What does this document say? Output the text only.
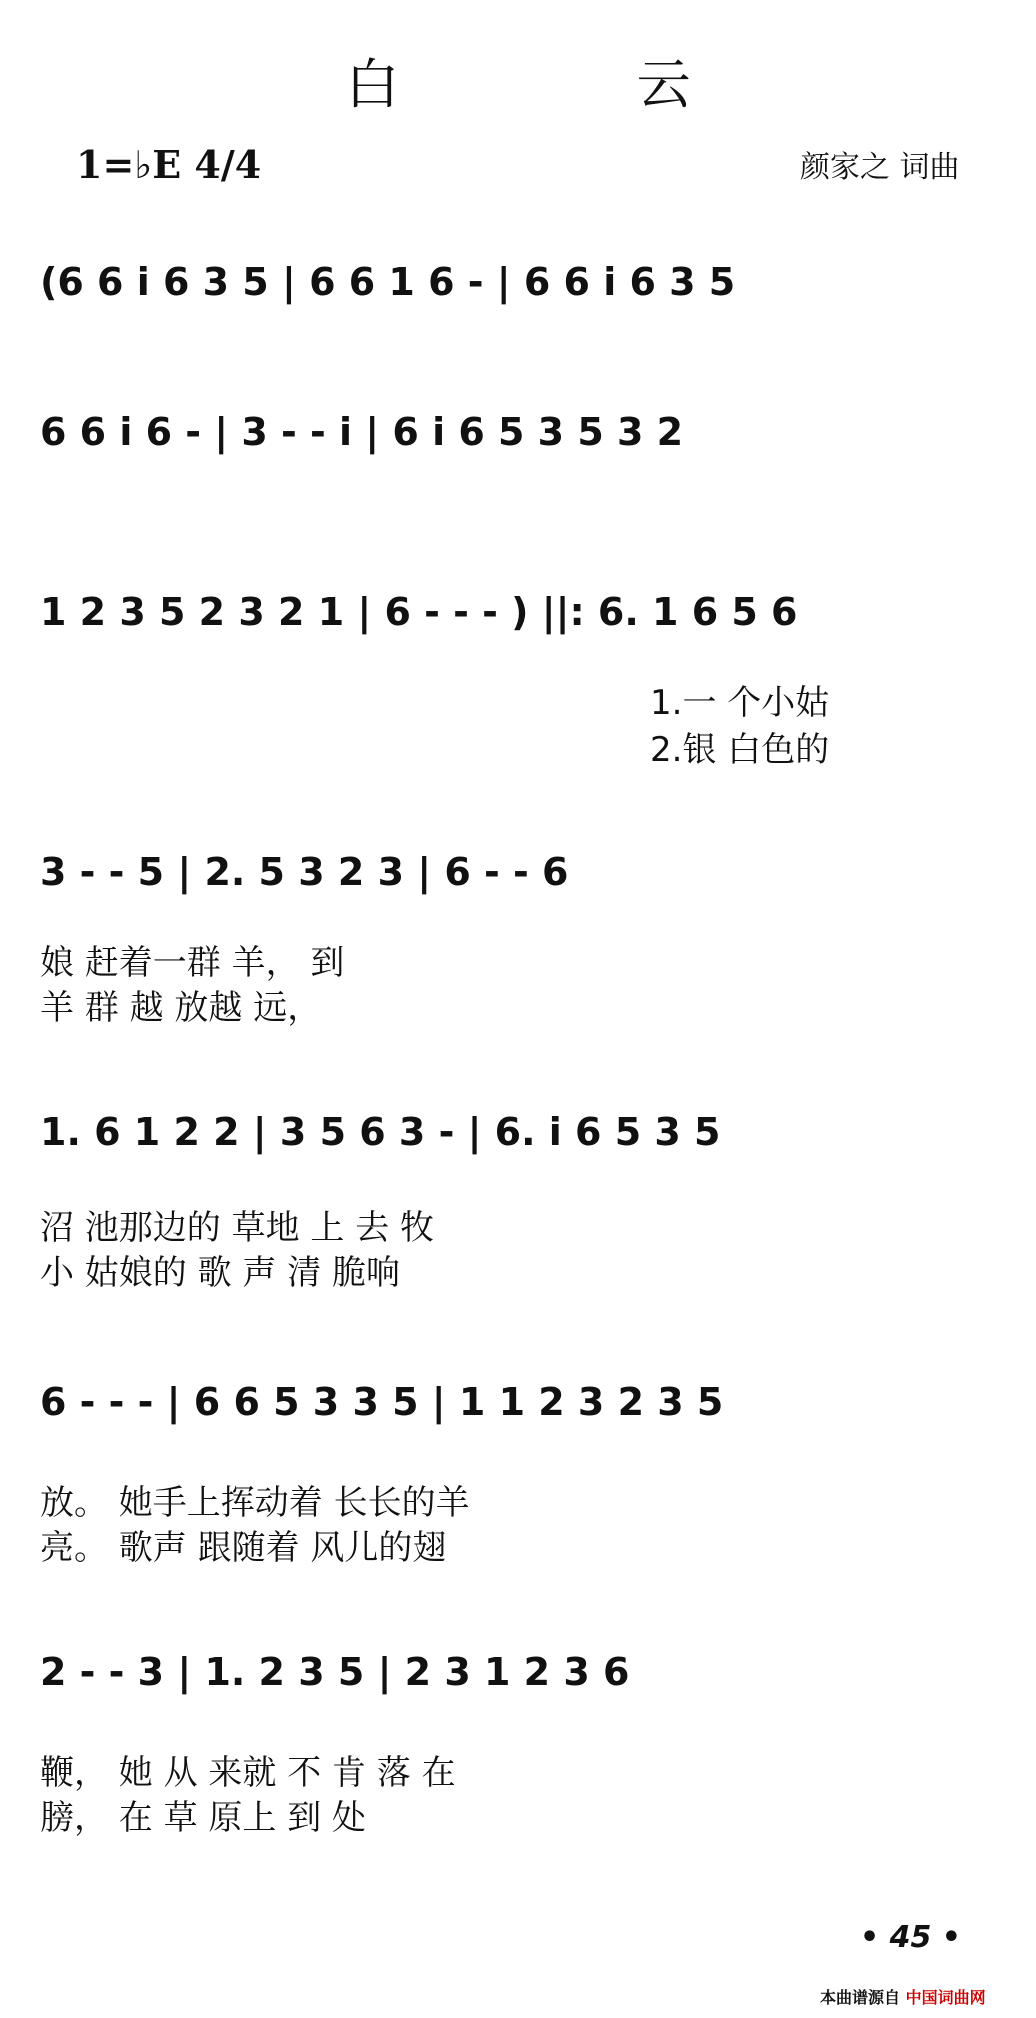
白 云
1=♭E 4/4	颜家之 词曲
(6 6 i 6 3 5 | 6 6 1 6 - | 6 6 i 6 3 5
6 6 i 6 - | 3 - - i | 6 i 6 5 3 5 3 2
1 2 3 5 2 3 2 1 | 6 - - - ) ||: 6. 1 6 5 6
1.一 个小姑
2.银 白色的
3 - - 5 | 2. 5 3 2 3 | 6 - - 6
娘 赶着一群 羊， 到
羊 群 越 放越 远，
1. 6 1 2 2 | 3 5 6 3 - | 6. i 6 5 3 5
沼 池那边的 草地 上 去 牧
小 姑娘的 歌 声 清 脆响
6 - - - | 6 6 5 3 3 5 | 1 1 2 3 2 3 5
放。 她手上挥动着 长长的羊
亮。 歌声 跟随着 风儿的翅
2 - - 3 | 1. 2 3 5 | 2 3 1 2 3 6
鞭， 她 从 来就 不 肯 落 在
膀， 在 草 原上 到 处
• 45 •
本曲谱源自 中国词曲网
